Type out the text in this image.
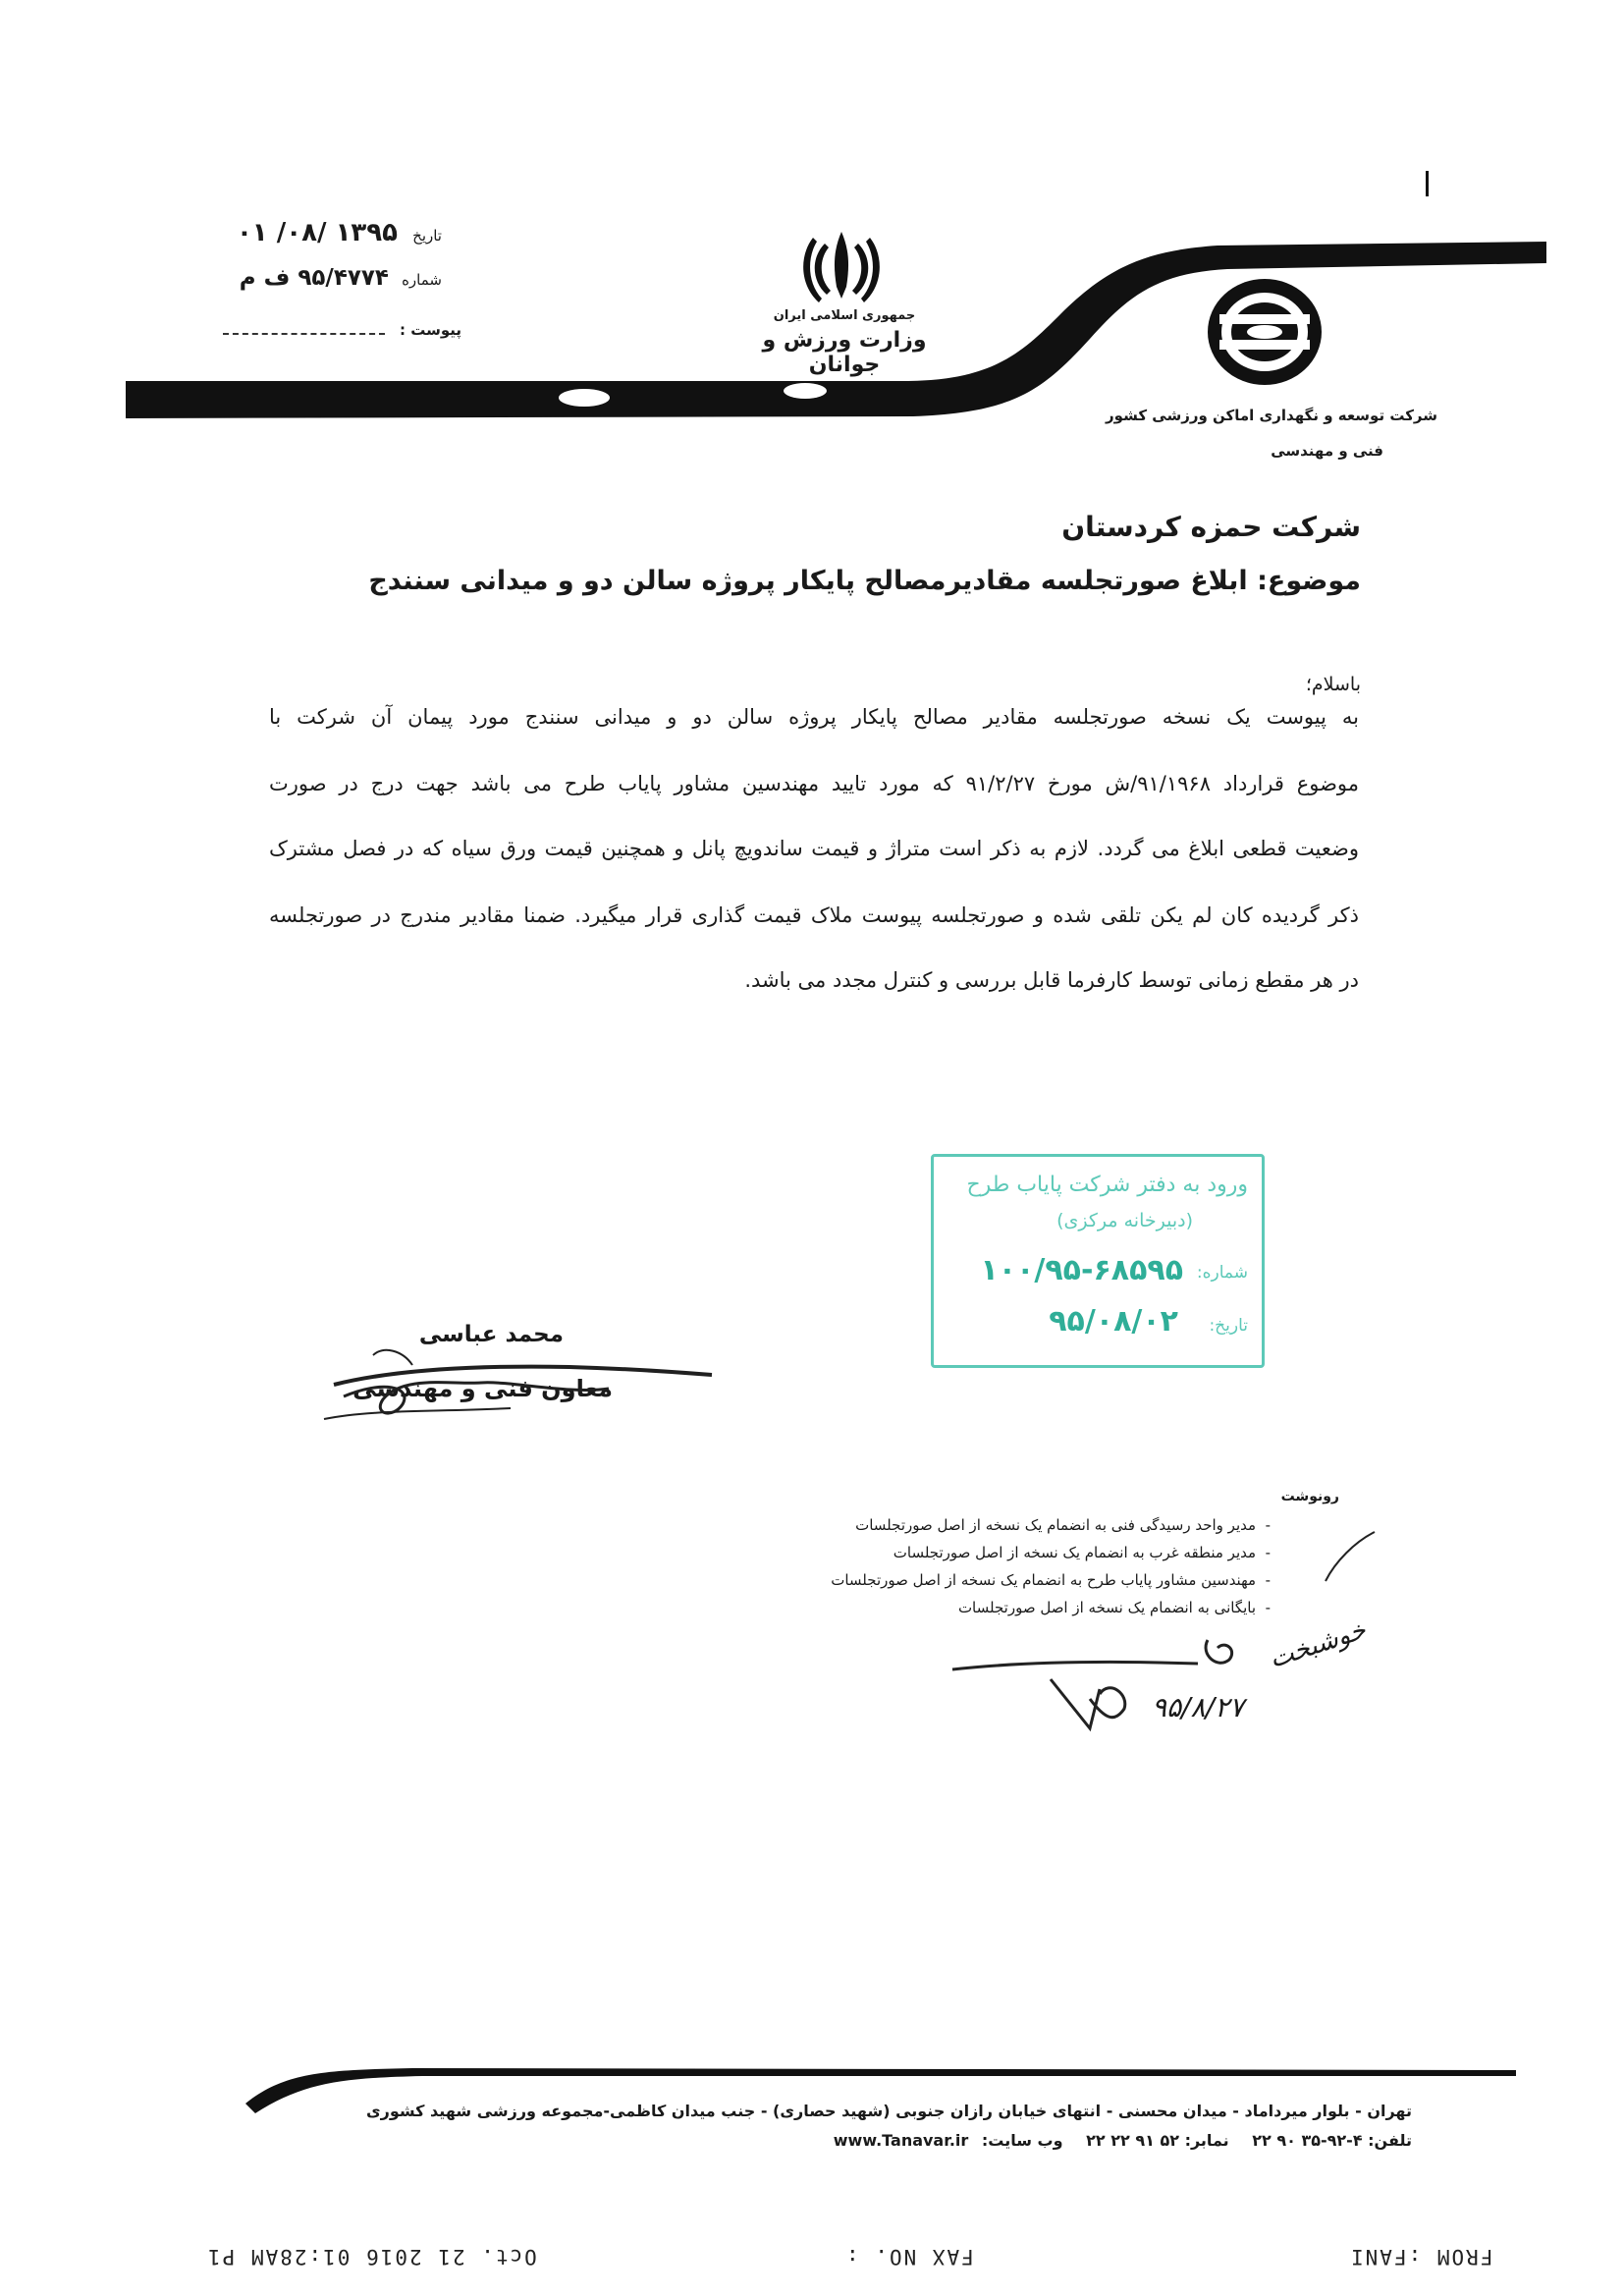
جمهوری اسلامی ایران
وزارت ورزش و جوانان
شرکت توسعه و نگهداری اماکن ورزشی کشور
فنی و مهندسی
تاریخ ۱۳۹۵ /۰۸/ ۰۱
شماره ۹۵/۴۷۷۴ ف م
پیوست :
شرکت حمزه کردستان
موضوع: ابلاغ صورتجلسه مقادیرمصالح پایکار پروژه سالن دو و میدانی سنندج
باسلام؛
به پیوست یک نسخه صورتجلسه مقادیر مصالح پایکار پروژه سالن دو و میدانی سنندج مورد پیمان آن شرکت با
موضوع قرارداد ۹۱/۱۹۶۸/ش مورخ ۹۱/۲/۲۷ که مورد تایید مهندسین مشاور پایاب طرح می باشد جهت درج در صورت
وضعیت قطعی ابلاغ می گردد. لازم به ذکر است متراژ و قیمت ساندویچ پانل و همچنین قیمت ورق سیاه که در فصل مشترک
ذکر گردیده کان لم یکن تلقی شده و صورتجلسه پیوست ملاک قیمت گذاری قرار میگیرد. ضمنا مقادیر مندرج در صورتجلسه
در هر مقطع زمانی توسط کارفرما قابل بررسی و کنترل مجدد می باشد.
ورود به دفتر شرکت پایاب طرح
(دبیرخانه مرکزی)
شماره:
۱۰۰/۹۵-۶۸۵۹۵
تاریخ:
۹۵/۰۸/۰۲
محمد عباسی
معاون فنی و مهندسی
رونوشت
-  مدیر واحد رسیدگی فنی به انضمام یک نسخه از اصل صورتجلسات
-  مدیر منطقه غرب به انضمام یک نسخه از اصل صورتجلسات
-  مهندسین مشاور پایاب طرح به انضمام یک نسخه از اصل صورتجلسات
-  بایگانی به انضمام یک نسخه از اصل صورتجلسات
خوشبخت
۹۵/۸/۲۷
تهران - بلوار میرداماد - میدان محسنی - انتهای خیابان رازان جنوبی (شهید حصاری) - جنب میدان کاظمی-مجموعه ورزشی شهید کشوری
تلفن: ۴-۹۲-۳۵ ۹۰ ۲۲ نمابر: ۵۲ ۹۱ ۲۲ ۲۲ وب سایت: www.Tanavar.ir
FROM :FANI
FAX NO. :
Oct. 21 2016 01:28AM P1
